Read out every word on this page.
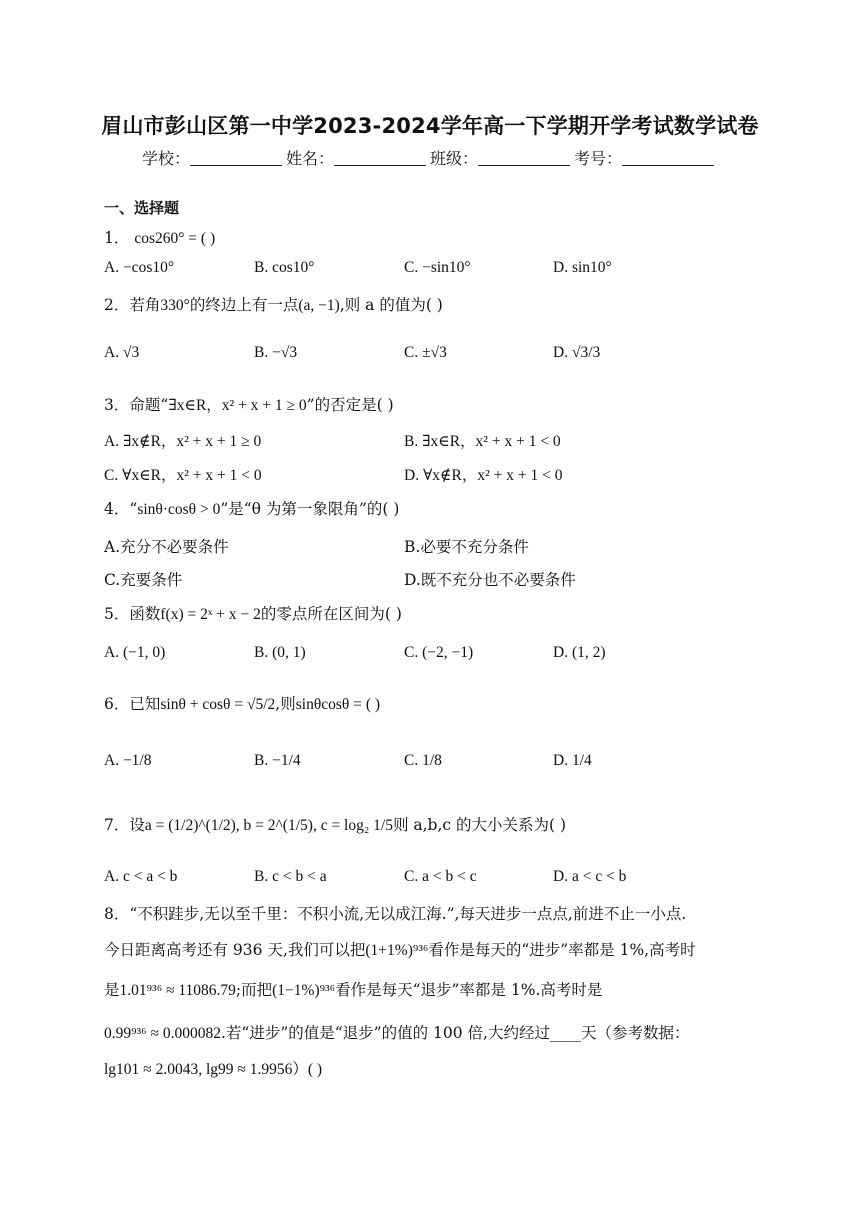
眉山市彭山区第一中学2023-2024学年高一下学期开学考试数学试卷
学校：	姓名：	班级：	考号：
一、选择题
1． cos260° = ( )
A. −cos10°	B. cos10°	C. −sin10°	D. sin10°
2．若角330°的终边上有一点(a, −1),则 a 的值为( )
A. √3	B. −√3	C. ±√3	D. √3/3
3．命题“∃x∈R，x² + x + 1 ≥ 0”的否定是( )
A. ∃x∉R，x² + x + 1 ≥ 0	B. ∃x∈R，x² + x + 1 < 0
C. ∀x∈R，x² + x + 1 < 0	D. ∀x∉R，x² + x + 1 < 0
4．“sinθ·cosθ > 0”是“θ 为第一象限角”的( )
A.充分不必要条件	B.必要不充分条件
C.充要条件	D.既不充分也不必要条件
5．函数f(x) = 2ˣ + x − 2的零点所在区间为( )
A. (−1, 0)	B. (0, 1)	C. (−2, −1)	D. (1, 2)
6．已知sinθ + cosθ = √5/2,则sinθcosθ = ( )
A. −1/8	B. −1/4	C. 1/8	D. 1/4
7．设a = (1/2)^(1/2), b = 2^(1/5), c = log₂ 1/5则 a,b,c 的大小关系为( )
A. c < a < b	B. c < b < a	C. a < b < c	D. a < c < b
8．“不积跬步,无以至千里：不积小流,无以成江海.”,每天进步一点点,前进不止一小点.
今日距离高考还有 936 天,我们可以把(1+1%)⁹³⁶看作是每天的“进步”率都是 1%,高考时
是1.01⁹³⁶ ≈ 11086.79;而把(1−1%)⁹³⁶看作是每天“退步”率都是 1%.高考时是
0.99⁹³⁶ ≈ 0.000082.若“进步”的值是“退步”的值的 100 倍,大约经过____天（参考数据：
lg101 ≈ 2.0043, lg99 ≈ 1.9956）( )
